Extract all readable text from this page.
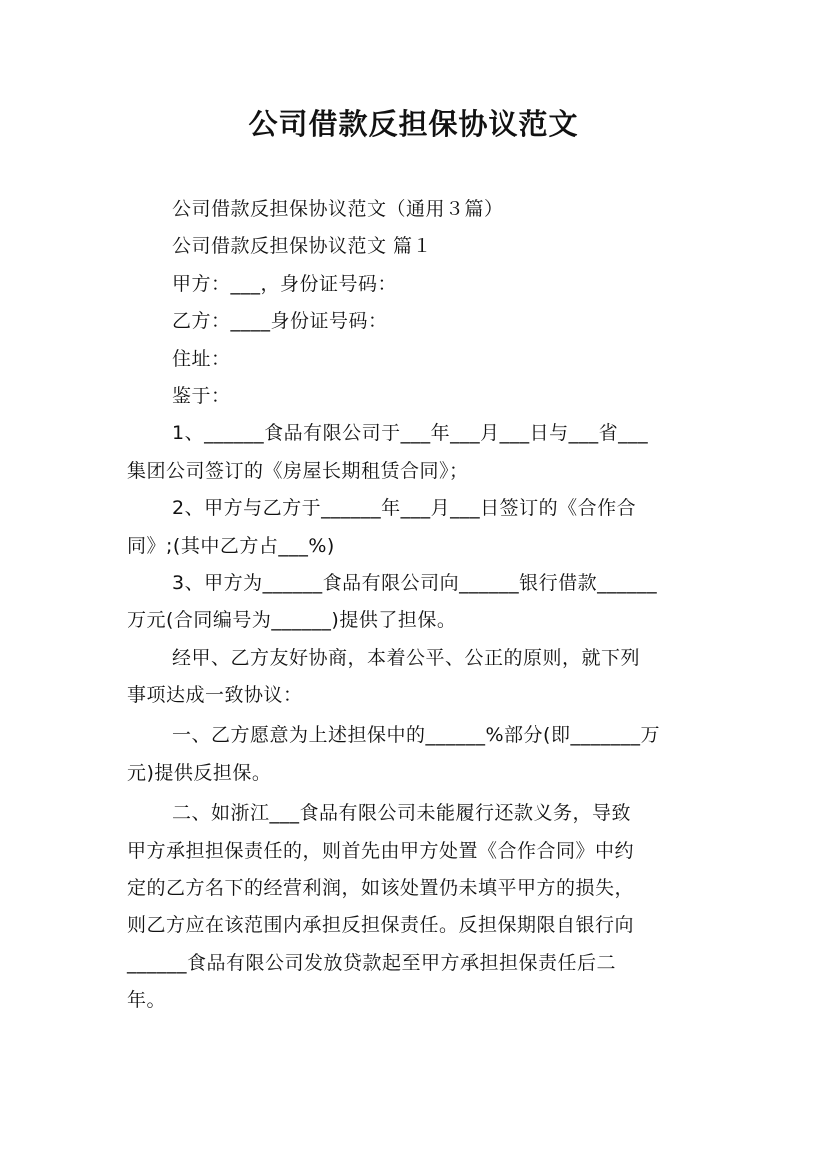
公司借款反担保协议范文
公司借款反担保协议范文（通用３篇）
公司借款反担保协议范文 篇１
甲方：___，身份证号码：
乙方：____身份证号码：
住址：
鉴于：
1、______食品有限公司于___年___月___日与___省___
集团公司签订的《房屋长期租赁合同》；
2、甲方与乙方于______年___月___日签订的《合作合
同》;(其中乙方占___%)
3、甲方为______食品有限公司向______银行借款______
万元(合同编号为______)提供了担保。
经甲、乙方友好协商，本着公平、公正的原则，就下列
事项达成一致协议：
一、乙方愿意为上述担保中的______%部分(即_______万
元)提供反担保。
二、如浙江___食品有限公司未能履行还款义务，导致
甲方承担担保责任的，则首先由甲方处置《合作合同》中约
定的乙方名下的经营利润，如该处置仍未填平甲方的损失，
则乙方应在该范围内承担反担保责任。反担保期限自银行向
______食品有限公司发放贷款起至甲方承担担保责任后二
年。
